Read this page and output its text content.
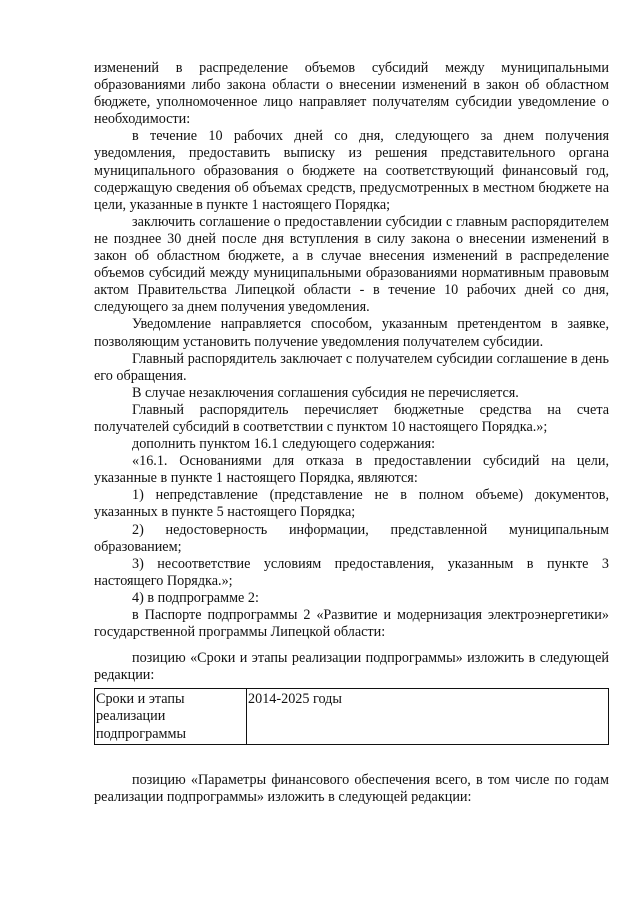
изменений в распределение объемов субсидий между муниципальными образованиями либо закона области о внесении изменений в закон об областном бюджете, уполномоченное лицо направляет получателям субсидии уведомление о необходимости:

в течение 10 рабочих дней со дня, следующего за днем получения уведомления, предоставить выписку из решения представительного органа муниципального образования о бюджете на соответствующий финансовый год, содержащую сведения об объемах средств, предусмотренных в местном бюджете на цели, указанные в пункте 1 настоящего Порядка;

заключить соглашение о предоставлении субсидии с главным распорядителем не позднее 30 дней после дня вступления в силу закона о внесении изменений в закон об областном бюджете, а в случае внесения изменений в распределение объемов субсидий между муниципальными образованиями нормативным правовым актом Правительства Липецкой области - в течение 10 рабочих дней со дня, следующего за днем получения уведомления.

Уведомление направляется способом, указанным претендентом в заявке, позволяющим установить получение уведомления получателем субсидии.

Главный распорядитель заключает с получателем субсидии соглашение в день его обращения.

В случае незаключения соглашения субсидия не перечисляется.

Главный распорядитель перечисляет бюджетные средства на счета получателей субсидий в соответствии с пунктом 10 настоящего Порядка.»;

дополнить пунктом 16.1 следующего содержания:

«16.1. Основаниями для отказа в предоставлении субсидий на цели, указанные в пункте 1 настоящего Порядка, являются:

1) непредставление (представление не в полном объеме) документов, указанных в пункте 5 настоящего Порядка;

2) недостоверность информации, представленной муниципальным образованием;

3) несоответствие условиям предоставления, указанным в пункте 3 настоящего Порядка.»;

4) в подпрограмме 2:

в Паспорте подпрограммы 2 «Развитие и модернизация электроэнергетики» государственной программы Липецкой области:

позицию «Сроки и этапы реализации подпрограммы» изложить в следующей редакции:

Сроки и этапы
реализации
подпрограммы
	2014-2025 годы

позицию «Параметры финансового обеспечения всего, в том числе по годам реализации подпрограммы» изложить в следующей редакции:
